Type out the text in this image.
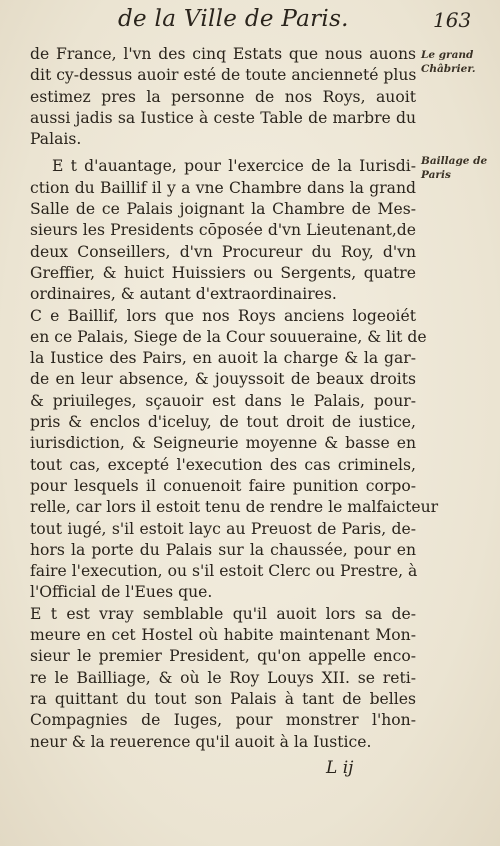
de la Ville de Paris.	163
Le grand Châbrier.
Baillage de Paris
de France, l'vn des cinq Estats que nous auons
dit cy-dessus auoir esté de toute ancienneté plus
estimez pres la personne de nos Roys, auoit
aussi jadis sa Iustice à ceste Table de marbre du
Palais.
E t d'auantage, pour l'exercice de la Iurisdi-
ction du Baillif il y a vne Chambre dans la grand
Salle de ce Palais joignant la Chambre de Mes-
sieurs les Presidents cōposée d'vn Lieutenant,de
deux Conseillers, d'vn Procureur du Roy, d'vn
Greffier, & huict Huissiers ou Sergents, quatre
ordinaires, & autant d'extraordinaires.
C e Baillif, lors que nos Roys anciens logeoiét
en ce Palais, Siege de la Cour souueraine, & lit de
la Iustice des Pairs, en auoit la charge & la gar-
de en leur absence, & jouyssoit de beaux droits
& priuileges, sçauoir est dans le Palais, pour-
pris & enclos d'iceluy, de tout droit de iustice,
iurisdiction, & Seigneurie moyenne & basse en
tout cas, excepté l'execution des cas criminels,
pour lesquels il conuenoit faire punition corpo-
relle, car lors il estoit tenu de rendre le malfaicteur
tout iugé, s'il estoit layc au Preuost de Paris, de-
hors la porte du Palais sur la chaussée, pour en
faire l'execution, ou s'il estoit Clerc ou Prestre, à
l'Official de l'Eues que.
E t est vray semblable qu'il auoit lors sa de-
meure en cet Hostel où habite maintenant Mon-
sieur le premier President, qu'on appelle enco-
re le Bailliage, & où le Roy Louys XII. se reti-
ra quittant du tout son Palais à tant de belles
Compagnies de Iuges, pour monstrer l'hon-
neur & la reuerence qu'il auoit à la Iustice.
L ij
